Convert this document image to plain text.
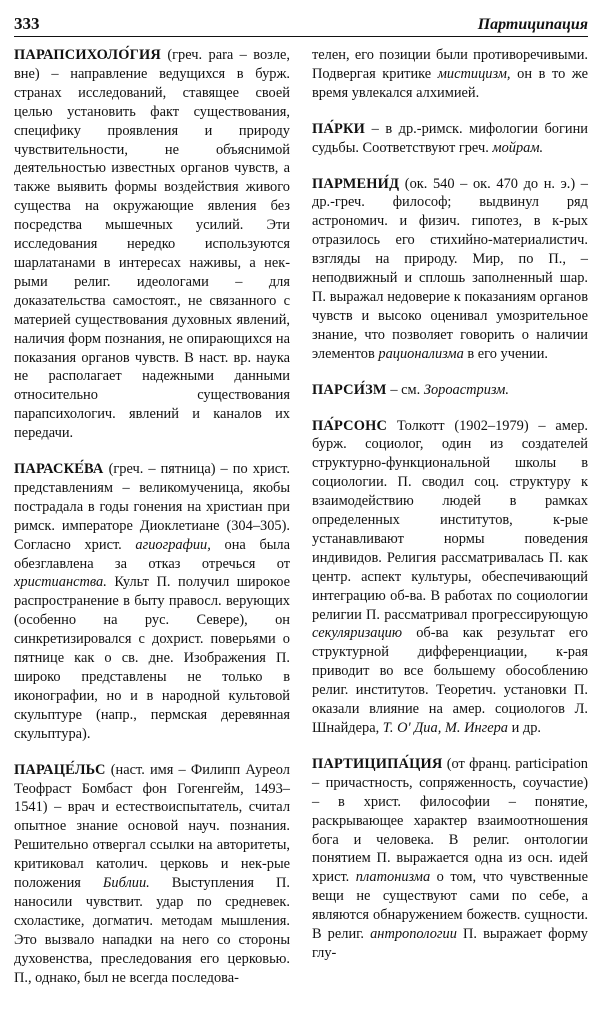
333	Партиципация

ПАРАПСИХОЛО́ГИЯ (греч. para – возле, вне) – направление ведущихся в бурж. странах исследований, ставящее своей целью установить факт существования, специфику проявления и природу чувствительности, не объяснимой деятельностью известных органов чувств, а также выявить формы воздействия живого существа на окружающие явления без посредства мышечных усилий. Эти исследования нередко используются шарлатанами в интересах наживы, а нек-рыми религ. идеологами – для доказательства самостоят., не связанного с материей существования духовных явлений, наличия форм познания, не опирающихся на показания органов чувств. В наст. вр. наука не располагает надежными данными относительно существования парапсихологич. явлений и каналов их передачи.

ПАРАСКЕ́ВА (греч. – пятница) – по христ. представлениям – великомученица, якобы пострадала в годы гонения на христиан при римск. императоре Диоклетиане (304–305). Согласно христ. агиографии, она была обезглавлена за отказ отречься от христианства. Культ П. получил широкое распространение в быту правосл. верующих (особенно на рус. Севере), он синкретизировался с дохрист. поверьями о пятнице как о св. дне. Изображения П. широко представлены не только в иконографии, но и в народной культовой скульптуре (напр., пермская деревянная скульптура).

ПАРАЦЕ́ЛЬС (наст. имя – Филипп Ауреол Теофраст Бомбаст фон Гогенгейм, 1493–1541) – врач и естествоиспытатель, считал опытное знание основой науч. познания. Решительно отвергал ссылки на авторитеты, критиковал католич. церковь и нек-рые положения Библии. Выступления П. наносили чувствит. удар по средневек. схоластике, догматич. методам мышления. Это вызвало нападки на него со стороны духовенства, преследования его церковью. П., однако, был не всегда последова-

телен, его позиции были противоречивыми. Подвергая критике мистицизм, он в то же время увлекался алхимией.

ПА́РКИ – в др.-римск. мифологии богини судьбы. Соответствуют греч. мойрам.

ПАРМЕНИ́Д (ок. 540 – ок. 470 до н. э.) – др.-греч. философ; выдвинул ряд астрономич. и физич. гипотез, в к-рых отразилось его стихийно-материалистич. взгляды на природу. Мир, по П., – неподвижный и сплошь заполненный шар. П. выражал недоверие к показаниям органов чувств и высоко оценивал умозрительное знание, что позволяет говорить о наличии элементов рационализма в его учении.

ПАРСИ́ЗМ – см. Зороастризм.

ПА́РСОНС Толкотт (1902–1979) – амер. бурж. социолог, один из создателей структурно-функциональной школы в социологии. П. сводил соц. структуру к взаимодействию людей в рамках определенных институтов, к-рые устанавливают нормы поведения индивидов. Религия рассматривалась П. как центр. аспект культуры, обеспечивающий интеграцию об-ва. В работах по социологии религии П. рассматривал прогрессирующую секуляризацию об-ва как результат его структурной дифференциации, к-рая приводит во все большему обособлению религ. институтов. Теоретич. установки П. оказали влияние на амер. социологов Л. Шнайдера, Т. О' Диа, М. Ингера и др.

ПАРТИЦИПА́ЦИЯ (от франц. participation – причастность, сопряженность, соучастие) – в христ. философии – понятие, раскрывающее характер взаимоотношения бога и человека. В религ. онтологии понятием П. выражается одна из осн. идей христ. платонизма о том, что чувственные вещи не существуют сами по себе, а являются обнаружением божеств. сущности. В религ. антропологии П. выражает форму глу-
